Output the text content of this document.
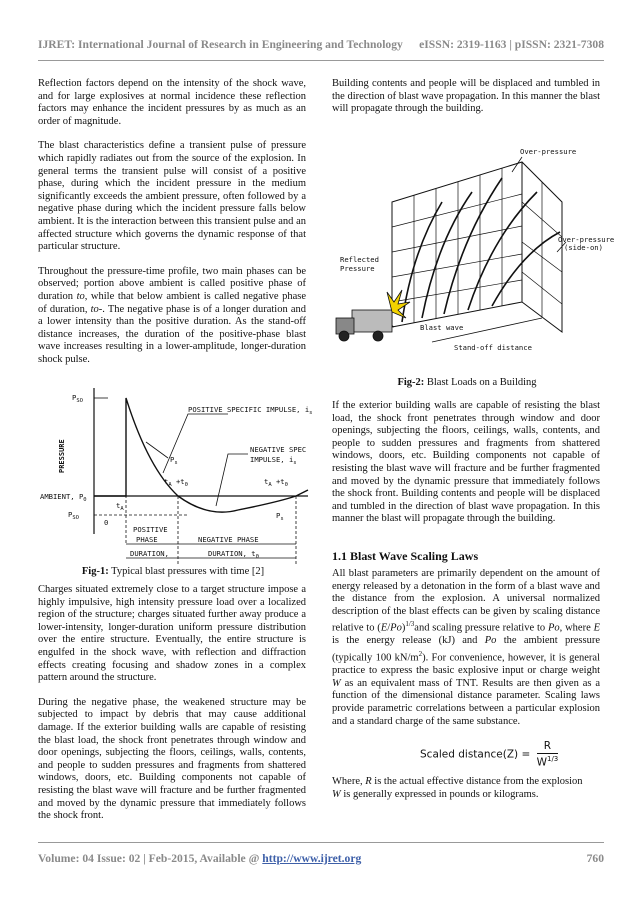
IJRET: International Journal of Research in Engineering and Technology eISSN: 2319-1163 | pISSN: 2321-7308

Reflection factors depend on the intensity of the shock wave, and for large explosives at normal incidence these reflection factors may enhance the incident pressures by as much as an order of magnitude.

The blast characteristics define a transient pulse of pressure which rapidly radiates out from the source of the explosion. In general terms the transient pulse will consist of a positive phase, during which the incident pressure in the medium significantly exceeds the ambient pressure, often followed by a negative phase during which the incident pressure falls below ambient. It is the interaction between this transient pulse and an affected structure which governs the dynamic response of that particular structure.

Throughout the pressure-time profile, two main phases can be observed; portion above ambient is called positive phase of duration to, while that below ambient is called negative phase of duration, to-. The negative phase is of a longer duration and a lower intensity than the positive duration. As the stand-off distance increases, the duration of the positive-phase blast wave increases resulting in a lower-amplitude, longer-duration shock pulse.

$P_{SO}$
PRESSURE
POSITIVE SPECIFIC IMPULSE, $i_s$
NEGATIVE SPEC
IMPULSE, $i_s$
$P_s$
$t_A +t_0$	$t_A +t_0$
AMBIENT, $P_0$
$t_A$
$P_{SO}$	0
$P_s$
POSITIVE
PHASE	NEGATIVE PHASE
DURATION,	DURATION, $t_0$
Fig-1: Typical blast pressures with time [2]

Charges situated extremely close to a target structure impose a highly impulsive, high intensity pressure load over a localized region of the structure; charges situated further away produce a lower-intensity, longer-duration uniform pressure distribution over the entire structure. Eventually, the entire structure is engulfed in the shock wave, with reflection and diffraction effects creating focusing and shadow zones in a complex pattern around the structure.

During the negative phase, the weakened structure may be subjected to impact by debris that may cause additional damage. If the exterior building walls are capable of resisting the blast load, the shock front penetrates through window and door openings, subjecting the floors, ceilings, walls, contents, and people to sudden pressures and fragments from shattered windows, doors, etc. Building components not capable of resisting the blast wave will fracture and be further fragmented and moved by the dynamic pressure that immediately follows the shock front.

Building contents and people will be displaced and tumbled in the direction of blast wave propagation. In this manner the blast will propagate through the building.

Over-pressure
Over-pressure
(side-on)
Reflected
Pressure
Blast wave
Stand-off distance
Fig-2: Blast Loads on a Building

If the exterior building walls are capable of resisting the blast load, the shock front penetrates through window and door openings, subjecting the floors, ceilings, walls, contents, and people to sudden pressures and fragments from shattered windows, doors, etc. Building components not capable of resisting the blast wave will fracture and be further fragmented and moved by the dynamic pressure that immediately follows the shock front. Building contents and people will be displaced and tumbled in the direction of blast wave propagation. In this manner the blast will propagate through the building.

1.1 Blast Wave Scaling Laws

All blast parameters are primarily dependent on the amount of energy released by a detonation in the form of a blast wave and the distance from the explosion. A universal normalized description of the blast effects can be given by scaling distance relative to $(E/Po)^{1/3}and$ scaling pressure relative to Po, where E is the energy release (kJ) and Po the ambient pressure (typically 100 $kN/m^2$). For convenience, however, it is general practice to express the basic explosive input or charge weight W as an equivalent mass of TNT. Results are then given as a function of the dimensional distance parameter. Scaling laws provide parametric correlations between a particular explosion and a standard charge of the same substance.

Scaled distance(Z) = $\frac{R}{W^{1/3}}$

Where, R is the actual effective distance from the explosion
W is generally expressed in pounds or kilograms.

Volume: 04 Issue: 02 | Feb-2015, Available @ http://www.ijret.org	760
